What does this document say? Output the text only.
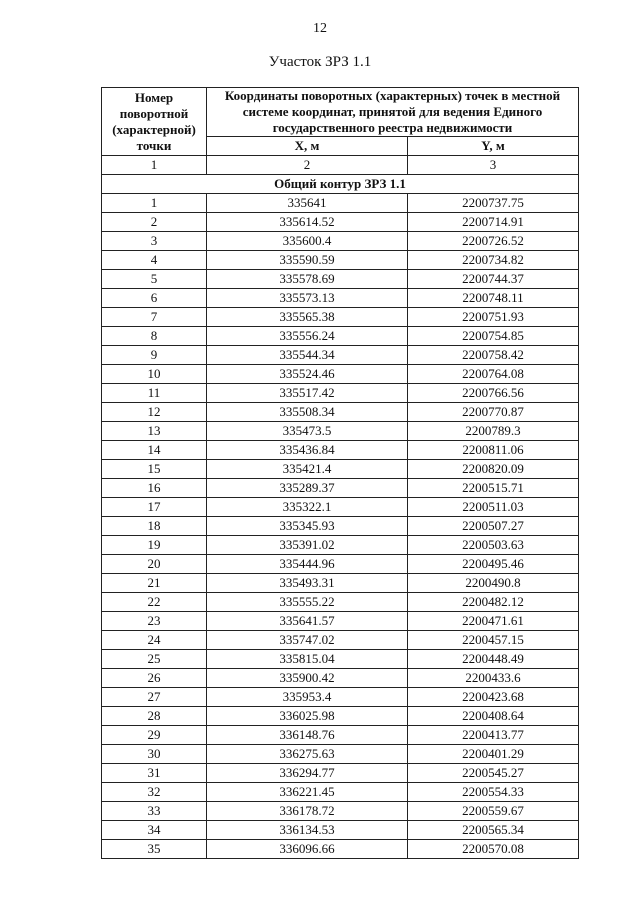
12
Участок ЗРЗ 1.1
Номер поворотной (характерной) точки	Координаты поворотных (характерных) точек в местной системе координат, принятой для ведения Единого государственного реестра недвижимости	
	X, м	Y, м
1	2	3
Общий контур ЗРЗ 1.1		
1	335641	2200737.75
2	335614.52	2200714.91
3	335600.4	2200726.52
4	335590.59	2200734.82
5	335578.69	2200744.37
6	335573.13	2200748.11
7	335565.38	2200751.93
8	335556.24	2200754.85
9	335544.34	2200758.42
10	335524.46	2200764.08
11	335517.42	2200766.56
12	335508.34	2200770.87
13	335473.5	2200789.3
14	335436.84	2200811.06
15	335421.4	2200820.09
16	335289.37	2200515.71
17	335322.1	2200511.03
18	335345.93	2200507.27
19	335391.02	2200503.63
20	335444.96	2200495.46
21	335493.31	2200490.8
22	335555.22	2200482.12
23	335641.57	2200471.61
24	335747.02	2200457.15
25	335815.04	2200448.49
26	335900.42	2200433.6
27	335953.4	2200423.68
28	336025.98	2200408.64
29	336148.76	2200413.77
30	336275.63	2200401.29
31	336294.77	2200545.27
32	336221.45	2200554.33
33	336178.72	2200559.67
34	336134.53	2200565.34
35	336096.66	2200570.08
